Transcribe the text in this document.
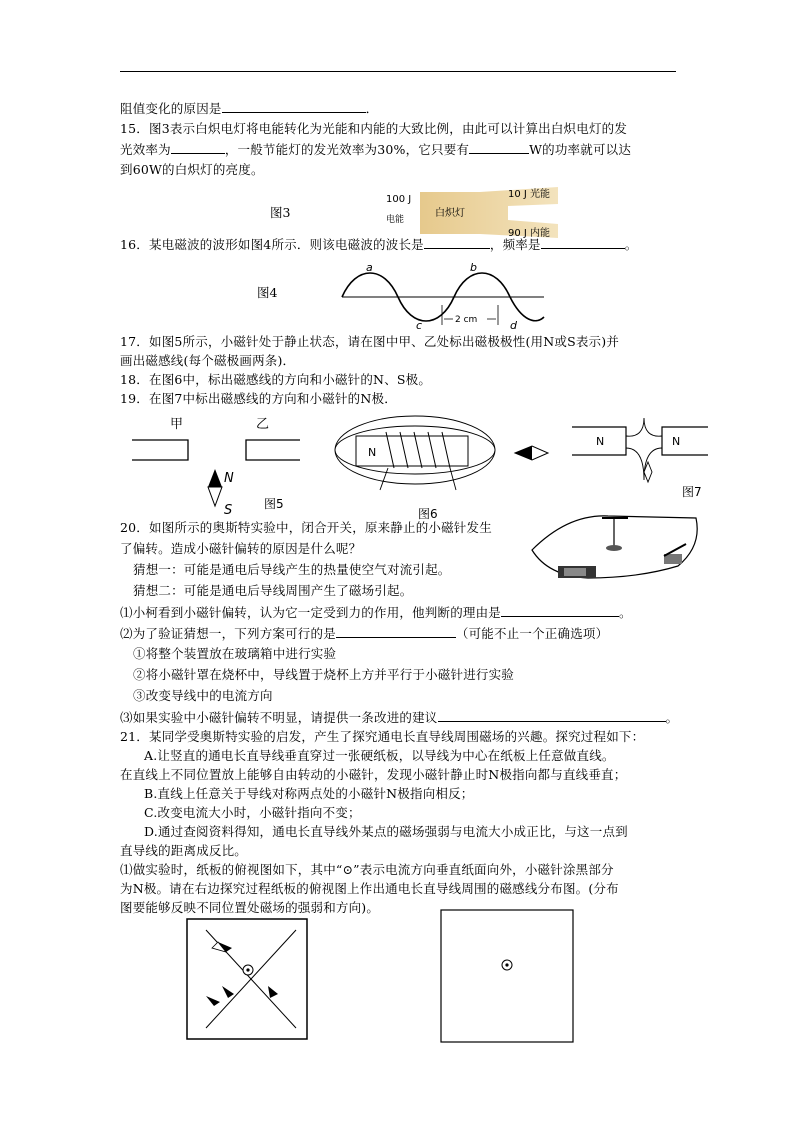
阻值变化的原因是	．
15．图3表示白炽电灯将电能转化为光能和内能的大致比例，由此可以计算出白炽电灯的发
光效率为	，一般节能灯的发光效率为30%，它只要有	W的功率就可以达
到60W的白炽灯的亮度。
图3
100 J
电能
白炽灯
10 J 光能
90 J 内能
16．某电磁波的波形如图4所示．则该电磁波的波长是	，频率是	。
图4
a	b
c	d
2 cm
17．如图5所示，小磁针处于静止状态，请在图中甲、乙处标出磁极极性(用N或S表示)并
画出磁感线(每个磁极画两条)．
18．在图6中，标出磁感线的方向和小磁针的N、S极。
19．在图7中标出磁感线的方向和小磁针的N极．
甲	乙
N
S	图5
N
图6
N	N
图7
20．如图所示的奥斯特实验中，闭合开关，原来静止的小磁针发生
了偏转。造成小磁针偏转的原因是什么呢？
猜想一：可能是通电后导线产生的热量使空气对流引起。
猜想二：可能是通电后导线周围产生了磁场引起。
⑴小柯看到小磁针偏转，认为它一定受到力的作用，他判断的理由是	。
⑵为了验证猜想一，下列方案可行的是	（可能不止一个正确选项）
①将整个装置放在玻璃箱中进行实验
②将小磁针罩在烧杯中，导线置于烧杯上方并平行于小磁针进行实验
③改变导线中的电流方向
⑶如果实验中小磁针偏转不明显，请提供一条改进的建议	。
21．某同学受奥斯特实验的启发，产生了探究通电长直导线周围磁场的兴趣。探究过程如下：
A.让竖直的通电长直导线垂直穿过一张硬纸板，以导线为中心在纸板上任意做直线。
在直线上不同位置放上能够自由转动的小磁针，发现小磁针静止时N极指向都与直线垂直；
B.直线上任意关于导线对称两点处的小磁针N极指向相反；
C.改变电流大小时，小磁针指向不变；
D.通过查阅资料得知，通电长直导线外某点的磁场强弱与电流大小成正比，与这一点到
直导线的距离成反比。
⑴做实验时，纸板的俯视图如下，其中“⊙”表示电流方向垂直纸面向外，小磁针涂黑部分
为N极。请在右边探究过程纸板的俯视图上作出通电长直导线周围的磁感线分布图。(分布
图要能够反映不同位置处磁场的强弱和方向)。
